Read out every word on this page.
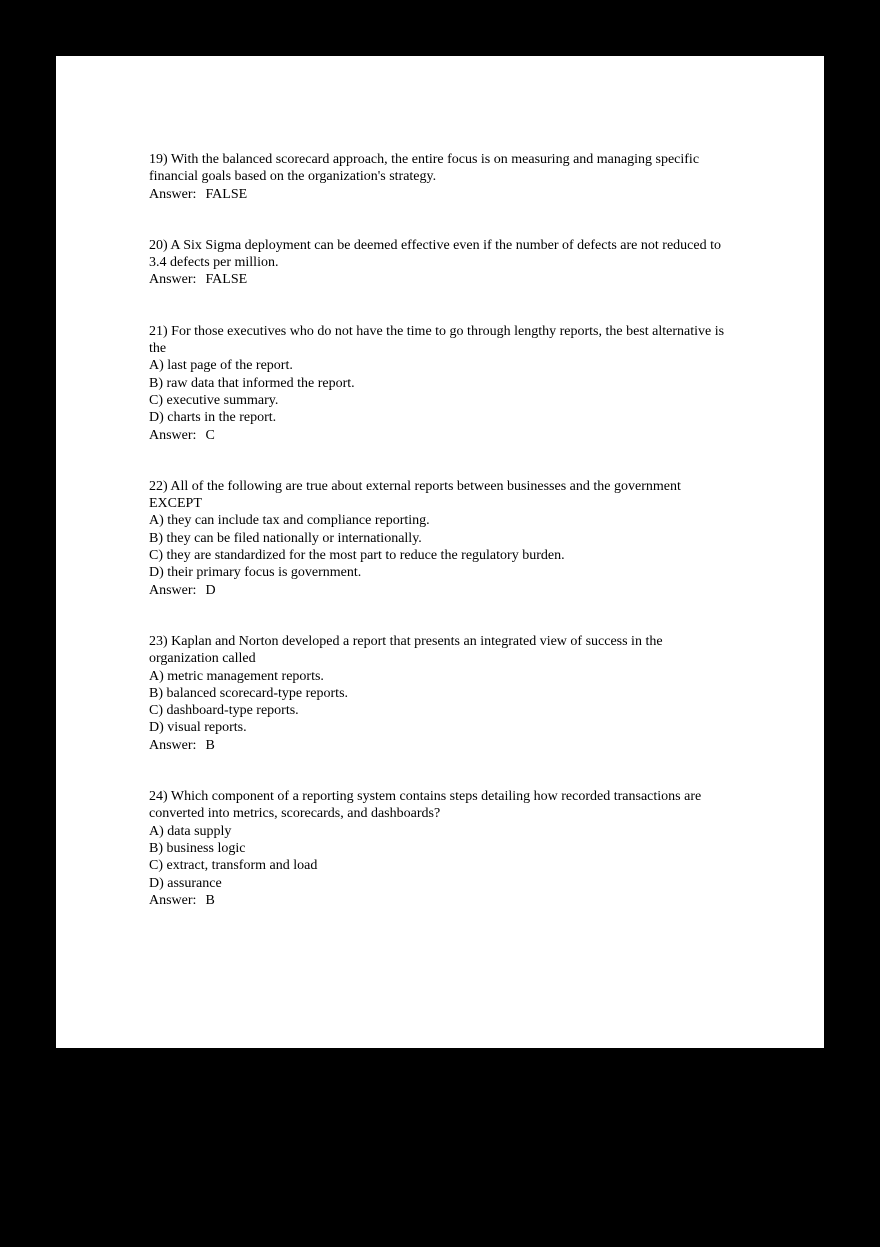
19) With the balanced scorecard approach, the entire focus is on measuring and managing specific financial goals based on the organization's strategy.

Answer: FALSE

20) A Six Sigma deployment can be deemed effective even if the number of defects are not reduced to 3.4 defects per million.

Answer: FALSE

21) For those executives who do not have the time to go through lengthy reports, the best alternative is the

A) last page of the report.

B) raw data that informed the report.

C) executive summary.

D) charts in the report.

Answer: C

22) All of the following are true about external reports between businesses and the government EXCEPT

A) they can include tax and compliance reporting.

B) they can be filed nationally or internationally.

C) they are standardized for the most part to reduce the regulatory burden.

D) their primary focus is government.

Answer: D

23) Kaplan and Norton developed a report that presents an integrated view of success in the organization called

A) metric management reports.

B) balanced scorecard-type reports.

C) dashboard-type reports.

D) visual reports.

Answer: B

24) Which component of a reporting system contains steps detailing how recorded transactions are converted into metrics, scorecards, and dashboards?

A) data supply

B) business logic

C) extract, transform and load

D) assurance

Answer: B
